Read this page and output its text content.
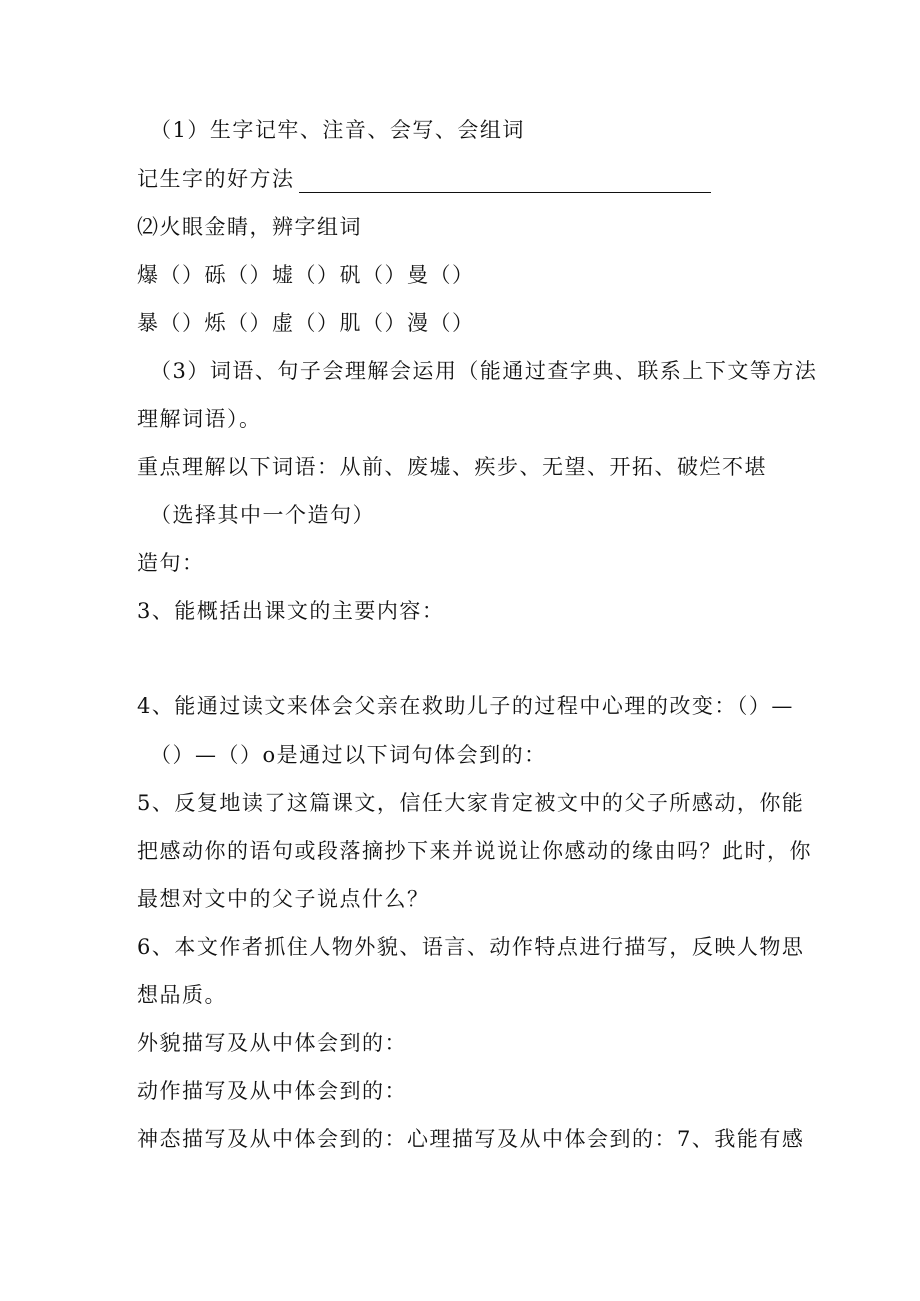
（1）生字记牢、注音、会写、会组词
记生字的好方法
⑵火眼金睛，辨字组词
爆（）砾（）墟（）矾（）曼（）
暴（）烁（）虚（）肌（）漫（）
（3）词语、句子会理解会运用（能通过查字典、联系上下文等方法
理解词语）。
重点理解以下词语：从前、废墟、疾步、无望、开拓、破烂不堪
（选择其中一个造句）
造句：
3、能概括出课文的主要内容：
4、能通过读文来体会父亲在救助儿子的过程中心理的改变：（）—
（）—（）o是通过以下词句体会到的：
5、反复地读了这篇课文，信任大家肯定被文中的父子所感动，你能
把感动你的语句或段落摘抄下来并说说让你感动的缘由吗？此时，你
最想对文中的父子说点什么？
6、本文作者抓住人物外貌、语言、动作特点进行描写，反映人物思
想品质。
外貌描写及从中体会到的：
动作描写及从中体会到的：
神态描写及从中体会到的：心理描写及从中体会到的：7、我能有感
